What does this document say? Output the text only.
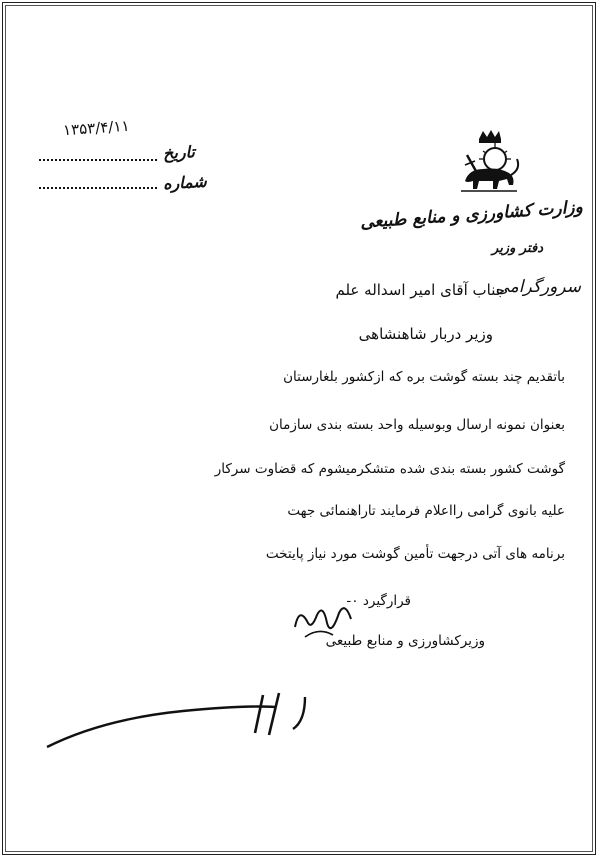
۱۳۵۳/۴/۱۱
تاریخ
شماره
وزارت کشاورزی و منابع طبیعی
دفتر وزیر
سرورگرامی
جناب آقای امیر اسداله علم
وزیر دربار شاهنشاهی
باتقدیم چند بسته گوشت بره که ازکشور بلغارستان
بعنوان نمونه ارسال وبوسیله واحد بسته بندی سازمان
گوشت کشور بسته بندی شده متشکرمیشوم که قضاوت سرکار
علیه بانوی گرامی رااعلام فرمایند تاراهنمائی جهت
برنامه های آتی درجهت تأمین گوشت مورد نیاز پایتخت
قرارگیرد ۰-
وزیرکشاورزی و منابع طبیعی
